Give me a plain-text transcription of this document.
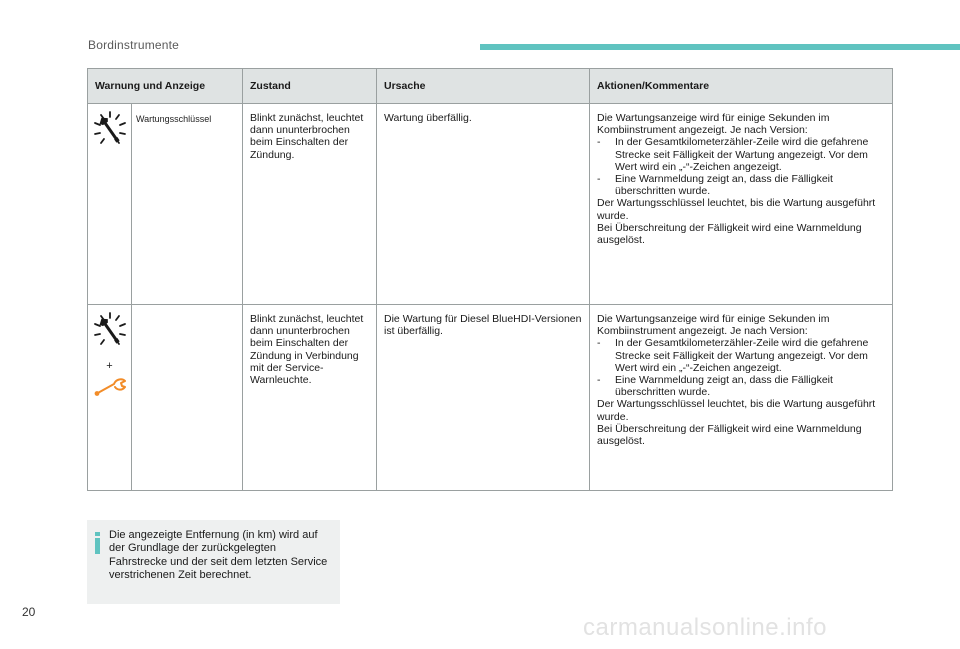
Bordinstrumente
Warnung und Anzeige		Zustand	Ursache	Aktionen/Kommentare
	Wartungsschlüssel	Blinkt zunächst, leuchtet dann ununterbrochen beim Einschalten der Zündung.	Wartung überfällig.	Die Wartungsanzeige wird für einige Sekunden im Kombiinstrument angezeigt. Je nach Version:
- In der Gesamtkilometerzähler-Zeile wird die gefahrene Strecke seit Fälligkeit der Wartung angezeigt. Vor dem Wert wird ein „-“-Zeichen angezeigt.
- Eine Warnmeldung zeigt an, dass die Fälligkeit überschritten wurde.
Der Wartungsschlüssel leuchtet, bis die Wartung ausgeführt wurde.
Bei Überschreitung der Fälligkeit wird eine Warnmeldung ausgelöst.

+		Blinkt zunächst, leuchtet dann ununterbrochen beim Einschalten der Zündung in Verbindung mit der Service-Warnleuchte.	Die Wartung für Diesel BlueHDI-Versionen ist überfällig.	Die Wartungsanzeige wird für einige Sekunden im Kombiinstrument angezeigt. Je nach Version:
- In der Gesamtkilometerzähler-Zeile wird die gefahrene Strecke seit Fälligkeit der Wartung angezeigt. Vor dem Wert wird ein „-“-Zeichen angezeigt.
- Eine Warnmeldung zeigt an, dass die Fälligkeit überschritten wurde.
Der Wartungsschlüssel leuchtet, bis die Wartung ausgeführt wurde.
Bei Überschreitung der Fälligkeit wird eine Warnmeldung ausgelöst.
Die angezeigte Entfernung (in km) wird auf der Grundlage der zurückgelegten Fahrstrecke und der seit dem letzten Service verstrichenen Zeit berechnet.
20
carmanualsonline.info
